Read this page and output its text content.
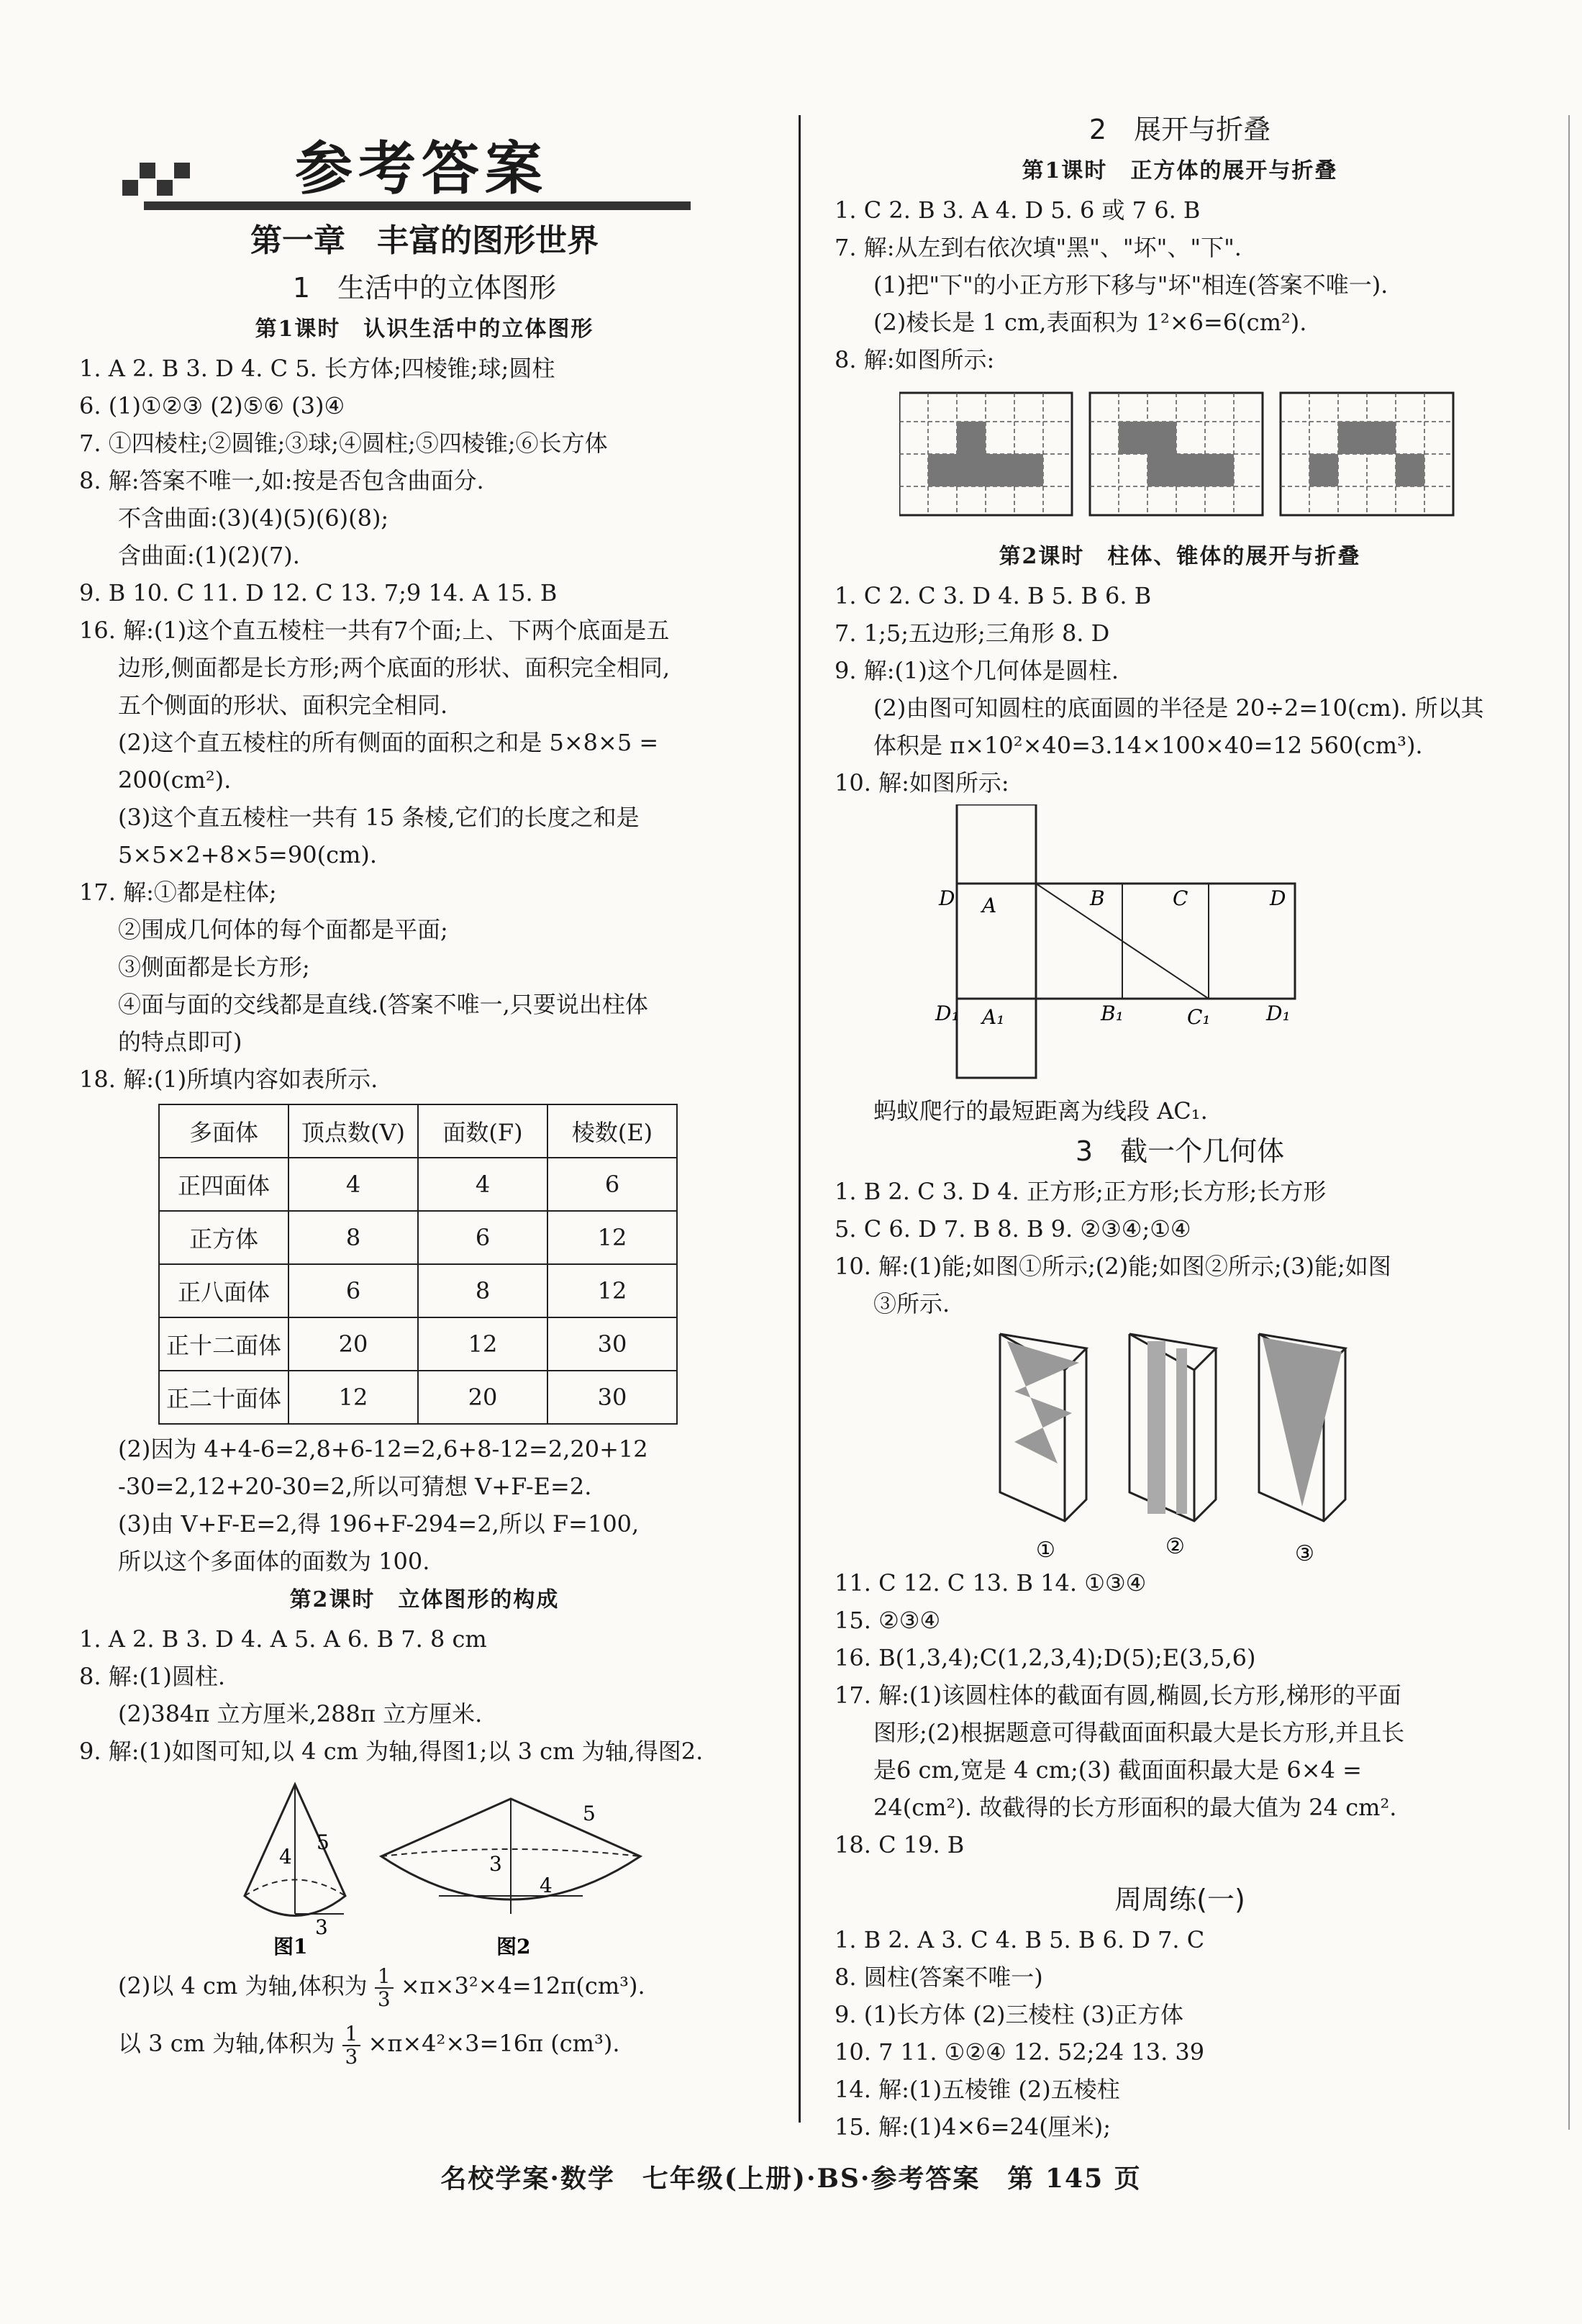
参考答案
第一章　丰富的图形世界
1　生活中的立体图形
第1课时　认识生活中的立体图形
1. A 2. B 3. D 4. C 5. 长方体;四棱锥;球;圆柱
6. (1)①②③ (2)⑤⑥ (3)④
7. ①四棱柱;②圆锥;③球;④圆柱;⑤四棱锥;⑥长方体
8. 解:答案不唯一,如:按是否包含曲面分.
不含曲面:(3)(4)(5)(6)(8);
含曲面:(1)(2)(7).
9. B 10. C 11. D 12. C 13. 7;9 14. A 15. B
16. 解:(1)这个直五棱柱一共有7个面;上、下两个底面是五
边形,侧面都是长方形;两个底面的形状、面积完全相同,
五个侧面的形状、面积完全相同.
(2)这个直五棱柱的所有侧面的面积之和是 5×8×5 =
200(cm²).
(3)这个直五棱柱一共有 15 条棱,它们的长度之和是
5×5×2+8×5=90(cm).
17. 解:①都是柱体;
②围成几何体的每个面都是平面;
③侧面都是长方形;
④面与面的交线都是直线.(答案不唯一,只要说出柱体
的特点即可)
18. 解:(1)所填内容如表所示.
多面体	顶点数(V)	面数(F)	棱数(E)
正四面体	4	4	6
正方体	8	6	12
正八面体	6	8	12
正十二面体	20	12	30
正二十面体	12	20	30
(2)因为 4+4-6=2,8+6-12=2,6+8-12=2,20+12
-30=2,12+20-30=2,所以可猜想 V+F-E=2.
(3)由 V+F-E=2,得 196+F-294=2,所以 F=100,
所以这个多面体的面数为 100.
第2课时　立体图形的构成
1. A 2. B 3. D 4. A 5. A 6. B 7. 8 cm
8. 解:(1)圆柱.
(2)384π 立方厘米,288π 立方厘米.
9. 解:(1)如图可知,以 4 cm 为轴,得图1;以 3 cm 为轴,得图2.
5
4
3
图1
5
3
4
图2
(2)以 4 cm 为轴,体积为 $\frac{1}{3} \times\pi\times 3^2\times 4=12\pi(cm^3)$.
以 3 cm 为轴,体积为 $\frac{1}{3} \times\pi\times 4^2\times 3=16\pi$ (cm³).
2　展开与折叠
第1课时　正方体的展开与折叠
1. C 2. B 3. A 4. D 5. 6 或 7 6. B
7. 解:从左到右依次填"黑"、"坏"、"下".
(1)把"下"的小正方形下移与"坏"相连(答案不唯一).
(2)棱长是 1 cm,表面积为 1²×6=6(cm²).
8. 解:如图所示:
第2课时　柱体、锥体的展开与折叠
1. C 2. C 3. D 4. B 5. B 6. B
7. 1;5;五边形;三角形 8. D
9. 解:(1)这个几何体是圆柱.
(2)由图可知圆柱的底面圆的半径是 20÷2=10(cm). 所以其
体积是 π×10²×40=3.14×100×40=12 560(cm³).
10. 解:如图所示:
D A	B	C	D
D₁ A₁	B₁	C₁	D₁
蚂蚁爬行的最短距离为线段 AC₁.
3　截一个几何体
1. B 2. C 3. D 4. 正方形;正方形;长方形;长方形
5. C 6. D 7. B 8. B 9. ②③④;①④
10. 解:(1)能;如图①所示;(2)能;如图②所示;(3)能;如图
③所示.
①	②	③
11. C 12. C 13. B 14. ①③④
15. ②③④
16. B(1,3,4);C(1,2,3,4);D(5);E(3,5,6)
17. 解:(1)该圆柱体的截面有圆,椭圆,长方形,梯形的平面
图形;(2)根据题意可得截面面积最大是长方形,并且长
是6 cm,宽是 4 cm;(3) 截面面积最大是 6×4 =
24(cm²). 故截得的长方形面积的最大值为 24 cm².
18. C 19. B
周周练(一)
1. B 2. A 3. C 4. B 5. B 6. D 7. C
8. 圆柱(答案不唯一)
9. (1)长方体 (2)三棱柱 (3)正方体
10. 7 11. ①②④ 12. 52;24 13. 39
14. 解:(1)五棱锥 (2)五棱柱
15. 解:(1)4×6=24(厘米);
名校学案·数学　七年级(上册)·BS·参考答案　第 145 页
